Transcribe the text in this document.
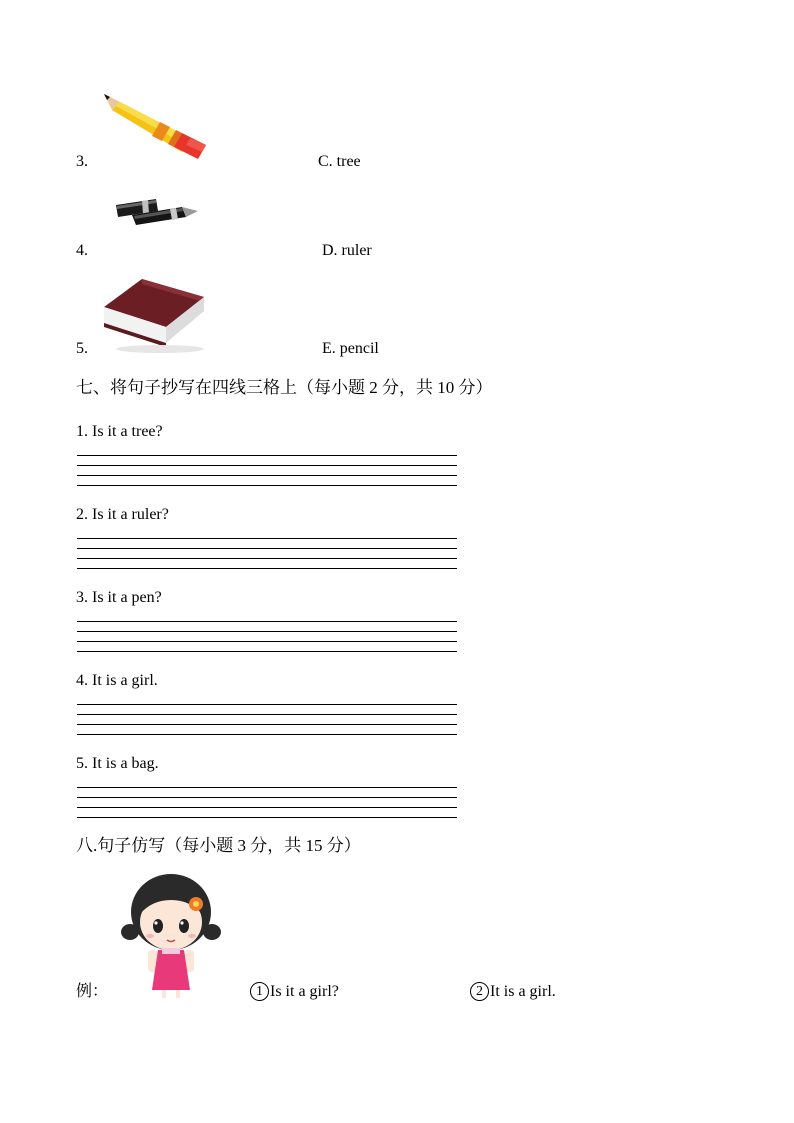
3.	C. tree
4.	D. ruler
5.	E. pencil
七、将句子抄写在四线三格上（每小题 2 分，共 10 分）
1. Is it a tree?
2. Is it a ruler?
3. Is it a pen?
4. It is a girl.
5. It is a bag.
八.句子仿写（每小题 3 分，共 15 分）
例：	1 Is it a girl?	2 It is a girl.
